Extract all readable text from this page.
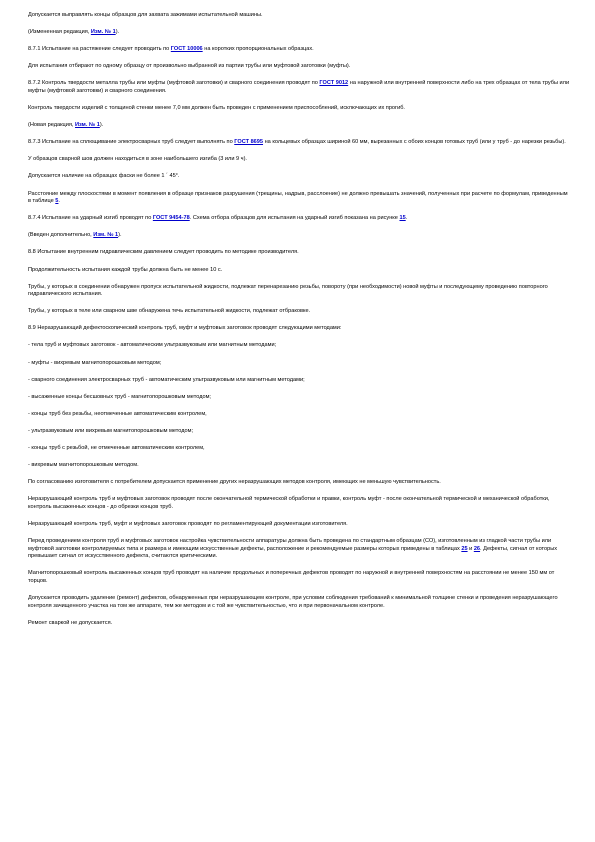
Допускается выправлять концы образцов для захвата зажимами испытательной машины.

(Измененная редакция, Изм. № 1).

8.7.1 Испытание на растяжение следует проводить по ГОСТ 10006 на коротких пропорциональных образцах.

Для испытания отбирают по одному образцу от произвольно выбранной из партии трубы или муфтовой заготовки (муфты).

8.7.2 Контроль твердости металла трубы или муфты (муфтовой заготовки) и сварного соединения проводят по ГОСТ 9012 на наружной или внутренней поверхности либо на трех образцах от тела трубы или муфты (муфтовой заготовки) и сварного соединения.

Контроль твердости изделий с толщиной стенки менее 7,0 мм должен быть проведен с применением приспособлений, исключающих их прогиб.

(Новая редакция, Изм. № 1).

8.7.3 Испытание на сплющивание электросварных труб следует выполнять по ГОСТ 8695 на кольцевых образцах шириной 60 мм, вырезанных с обоих концов готовых труб (или у труб - до нарезки резьбы).

У образцов сварной шов должен находиться в зоне наибольшего изгиба (3 или 9 ч).

Допускается наличие на образцах фаски не более 1 ´ 45°.

Расстояние между плоскостями в момент появления в образце признаков разрушения (трещины, надрыв, расслоение) не должно превышать значений, полученных при расчете по формулам, приведенным в таблице 5.

8.7.4 Испытание на ударный изгиб проводят по ГОСТ 9454-78. Схема отбора образцов для испытания на ударный изгиб показана на рисунке 15.

(Введен дополнительно, Изм. № 1).

8.8 Испытание внутренним гидравлическим давлением следует проводить по методике производителя.

Продолжительность испытания каждой трубы должна быть не менее 10 с.

Трубы, у которых в соединении обнаружен пропуск испытательной жидкости, подлежат перенарезанию резьбы, повороту (при необходимости) новой муфты и последующему проведению повторного гидравлического испытания.

Трубы, у которых в теле или сварном шве обнаружена течь испытательной жидкости, подлежат отбраковке.

8.9 Неразрушающий дефектоскопический контроль труб, муфт и муфтовых заготовок проводят следующими методами:

- тела труб и муфтовых заготовок - автоматическим ультразвуковым или магнитным методами;

- муфты - вихревым магнитопорошковым методом;

- сварного соединения электросварных труб - автоматическим ультразвуковым или магнитным методами;

- высаженные концы бесшовных труб - магнитопорошковым методом;

- концы труб без резьбы, неотмеченные автоматическим контролем,

- ультразвуковым или вихревым магнитопорошковым методом;

- концы труб с резьбой, не отмеченные автоматическим контролем,

- вихревым магнитопорошковым методом.

По согласованию изготовителя с потребителем допускается применение других неразрушающих методов контроля, имеющих не меньшую чувствительность.

Неразрушающий контроль труб и муфтовых заготовок проводят после окончательной термической обработки и правки, контроль муфт - после окончательной термической и механической обработки, контроль высаженных концов - до обрезки концов труб.

Неразрушающий контроль труб, муфт и муфтовых заготовок проводят по регламентирующей документации изготовителя.

Перед проведением контроля труб и муфтовых заготовок настройка чувствительности аппаратуры должна быть проведена по стандартным образцам (СО), изготовленным из гладкой части трубы или муфтовой заготовки контролируемых типа и размера и имеющим искусственные дефекты, расположение и рекомендуемые размеры которых приведены в таблицах 25 и 26. Дефекты, сигнал от которых превышает сигнал от искусственного дефекта, считаются критическими.

Магнитопорошковый контроль высаженных концов труб проводят на наличие продольных и поперечных дефектов проводят по наружной и внутренней поверхностям на расстоянии не менее 150 мм от торцов.

Допускается проводить удаление (ремонт) дефектов, обнаруженных при неразрушающем контроле, при условии соблюдения требований к минимальной толщине стенки и проведения неразрушающего контроля зачищенного участка на том же аппарате, тем же методом и с той же чувствительностью, что и при первоначальном контроле.

Ремонт сваркой не допускается.
